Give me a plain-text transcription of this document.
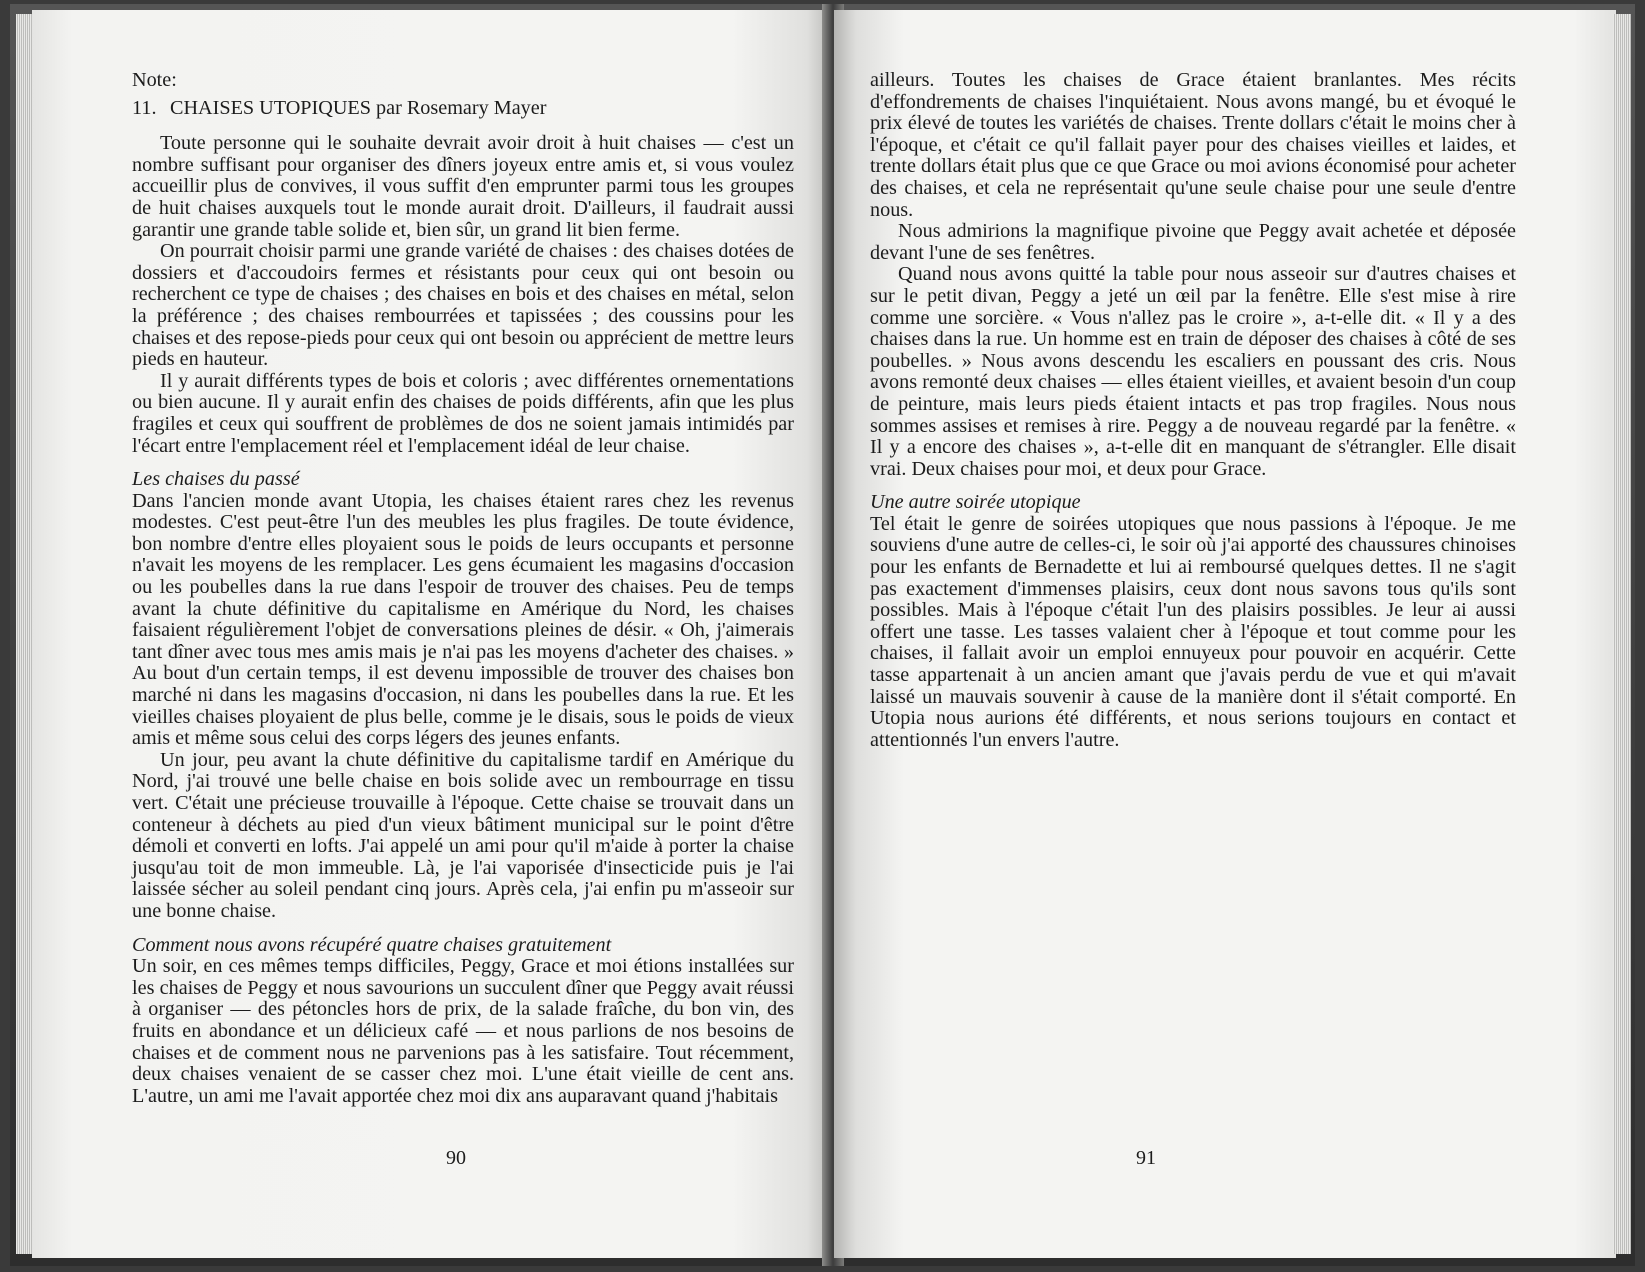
Note:
11. CHAISES UTOPIQUES par Rosemary Mayer

Toute personne qui le souhaite devrait avoir droit à huit chaises — c'est un nombre suffisant pour organiser des dîners joyeux entre amis et, si vous voulez accueillir plus de convives, il vous suffit d'en emprunter parmi tous les groupes de huit chaises auxquels tout le monde aurait droit. D'ailleurs, il faudrait aussi garantir une grande table solide et, bien sûr, un grand lit bien ferme.

On pourrait choisir parmi une grande variété de chaises : des chaises dotées de dossiers et d'accoudoirs fermes et résistants pour ceux qui ont besoin ou recherchent ce type de chaises ; des chaises en bois et des chaises en métal, selon la préférence ; des chaises rembourrées et tapissées ; des coussins pour les chaises et des repose-pieds pour ceux qui ont besoin ou apprécient de mettre leurs pieds en hauteur.

Il y aurait différents types de bois et coloris ; avec différentes ornementations ou bien aucune. Il y aurait enfin des chaises de poids différents, afin que les plus fragiles et ceux qui souffrent de problèmes de dos ne soient jamais intimidés par l'écart entre l'emplacement réel et l'emplacement idéal de leur chaise.

Les chaises du passé

Dans l'ancien monde avant Utopia, les chaises étaient rares chez les revenus modestes. C'est peut-être l'un des meubles les plus fragiles. De toute évidence, bon nombre d'entre elles ployaient sous le poids de leurs occupants et personne n'avait les moyens de les remplacer. Les gens écumaient les magasins d'occasion ou les poubelles dans la rue dans l'espoir de trouver des chaises. Peu de temps avant la chute définitive du capitalisme en Amérique du Nord, les chaises faisaient régulièrement l'objet de conversations pleines de désir. « Oh, j'aimerais tant dîner avec tous mes amis mais je n'ai pas les moyens d'acheter des chaises. » Au bout d'un certain temps, il est devenu impossible de trouver des chaises bon marché ni dans les magasins d'occasion, ni dans les poubelles dans la rue. Et les vieilles chaises ployaient de plus belle, comme je le disais, sous le poids de vieux amis et même sous celui des corps légers des jeunes enfants.

Un jour, peu avant la chute définitive du capitalisme tardif en Amérique du Nord, j'ai trouvé une belle chaise en bois solide avec un rembourrage en tissu vert. C'était une précieuse trouvaille à l'époque. Cette chaise se trouvait dans un conteneur à déchets au pied d'un vieux bâtiment municipal sur le point d'être démoli et converti en lofts. J'ai appelé un ami pour qu'il m'aide à porter la chaise jusqu'au toit de mon immeuble. Là, je l'ai vaporisée d'insecticide puis je l'ai laissée sécher au soleil pendant cinq jours. Après cela, j'ai enfin pu m'asseoir sur une bonne chaise.

Comment nous avons récupéré quatre chaises gratuitement

Un soir, en ces mêmes temps difficiles, Peggy, Grace et moi étions installées sur les chaises de Peggy et nous savourions un succulent dîner que Peggy avait réussi à organiser — des pétoncles hors de prix, de la salade fraîche, du bon vin, des fruits en abondance et un délicieux café — et nous parlions de nos besoins de chaises et de comment nous ne parvenions pas à les satisfaire. Tout récemment, deux chaises venaient de se casser chez moi. L'une était vieille de cent ans. L'autre, un ami me l'avait apportée chez moi dix ans auparavant quand j'habitais

90

ailleurs. Toutes les chaises de Grace étaient branlantes. Mes récits d'effondrements de chaises l'inquiétaient. Nous avons mangé, bu et évoqué le prix élevé de toutes les variétés de chaises. Trente dollars c'était le moins cher à l'époque, et c'était ce qu'il fallait payer pour des chaises vieilles et laides, et trente dollars était plus que ce que Grace ou moi avions économisé pour acheter des chaises, et cela ne représentait qu'une seule chaise pour une seule d'entre nous.

Nous admirions la magnifique pivoine que Peggy avait achetée et déposée devant l'une de ses fenêtres.

Quand nous avons quitté la table pour nous asseoir sur d'autres chaises et sur le petit divan, Peggy a jeté un œil par la fenêtre. Elle s'est mise à rire comme une sorcière. « Vous n'allez pas le croire », a-t-elle dit. « Il y a des chaises dans la rue. Un homme est en train de déposer des chaises à côté de ses poubelles. » Nous avons descendu les escaliers en poussant des cris. Nous avons remonté deux chaises — elles étaient vieilles, et avaient besoin d'un coup de peinture, mais leurs pieds étaient intacts et pas trop fragiles. Nous nous sommes assises et remises à rire. Peggy a de nouveau regardé par la fenêtre. « Il y a encore des chaises », a-t-elle dit en manquant de s'étrangler. Elle disait vrai. Deux chaises pour moi, et deux pour Grace.

Une autre soirée utopique

Tel était le genre de soirées utopiques que nous passions à l'époque. Je me souviens d'une autre de celles-ci, le soir où j'ai apporté des chaussures chinoises pour les enfants de Bernadette et lui ai remboursé quelques dettes. Il ne s'agit pas exactement d'immenses plaisirs, ceux dont nous savons tous qu'ils sont possibles. Mais à l'époque c'était l'un des plaisirs possibles. Je leur ai aussi offert une tasse. Les tasses valaient cher à l'époque et tout comme pour les chaises, il fallait avoir un emploi ennuyeux pour pouvoir en acquérir. Cette tasse appartenait à un ancien amant que j'avais perdu de vue et qui m'avait laissé un mauvais souvenir à cause de la manière dont il s'était comporté. En Utopia nous aurions été différents, et nous serions toujours en contact et attentionnés l'un envers l'autre.

91
